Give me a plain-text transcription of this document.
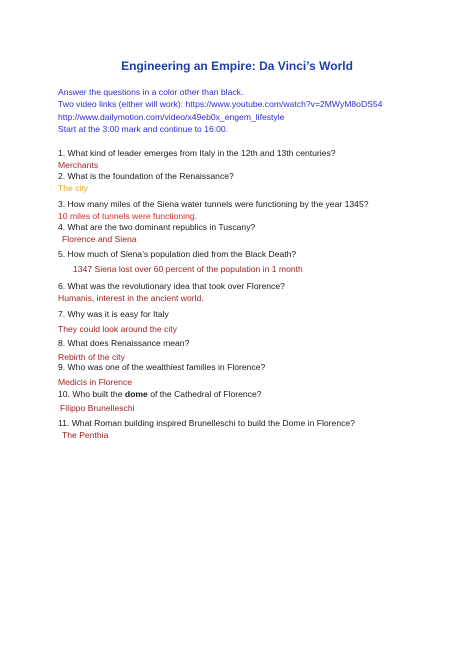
Engineering an Empire: Da Vinci’s World
Answer the questions in a color other than black.
Two video links (either will work): https://www.youtube.com/watch?v=2MWyM8oDS54
http://www.dailymotion.com/video/x49eb0x_engem_lifestyle
Start at the 3:00 mark and continue to 16:00.
1. What kind of leader emerges from Italy in the 12th and 13th centuries?
Merchants
2. What is the foundation of the Renaissance?
The city
3. How many miles of the Siena water tunnels were functioning by the year 1345?
10 miles of tunnels were functioning.
4. What are the two dominant republics in Tuscany?
Florence and Siena
5. How much of Siena’s population died from the Black Death?
1347 Siena lost over 60 percent of the population in 1 month
6. What was the revolutionary idea that took over Florence?
Humanis, interest in the ancient world.
7. Why was it is easy for Italy
They could look around the city
8. What does Renaissance mean?
Rebirth of the city
9. Who was one of the wealthiest families in Florence?
Medicis in Florence
10. Who built the dome of the Cathedral of Florence?
Filippo Brunelleschi
11. What Roman building inspired Brunelleschi to build the Dome in Florence?
The Penthia
